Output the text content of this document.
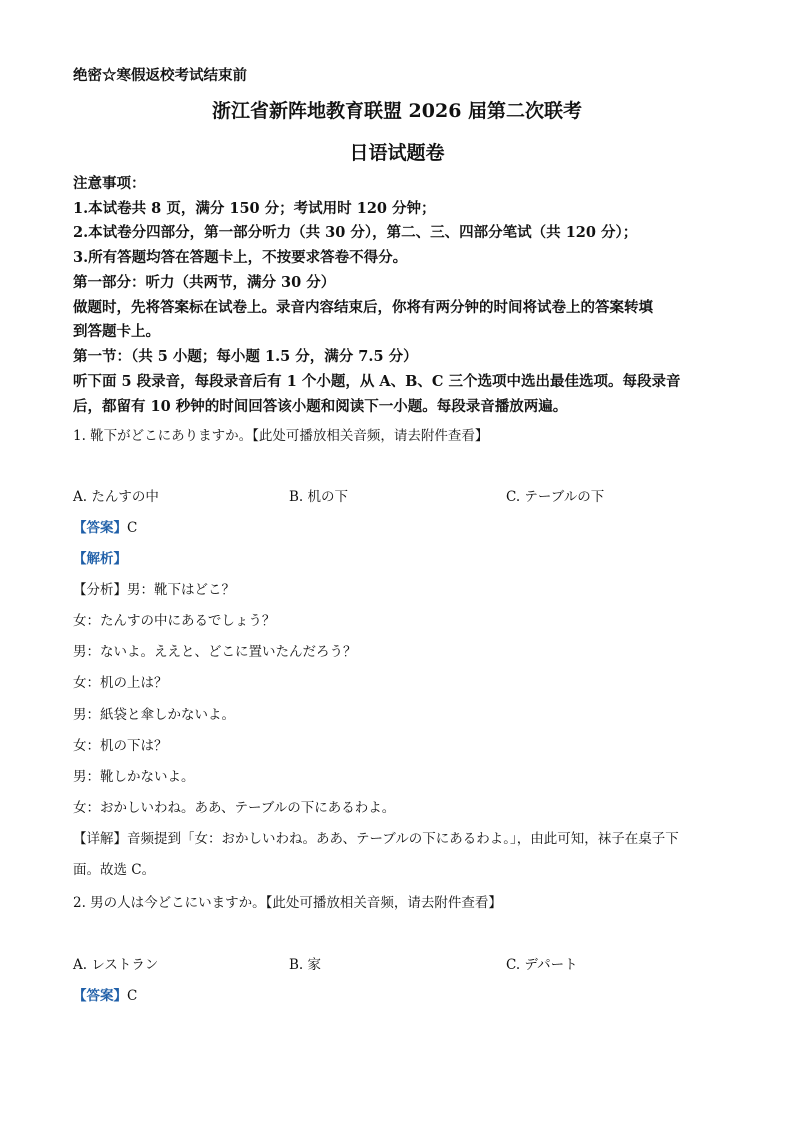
绝密☆寒假返校考试结束前
浙江省新阵地教育联盟 2026 届第二次联考
日语试题卷
注意事项：
1.本试卷共 8 页，满分 150 分；考试用时 120 分钟；
2.本试卷分四部分，第一部分听力（共 30 分），第二、三、四部分笔试（共 120 分）；
3.所有答题均答在答题卡上，不按要求答卷不得分。
第一部分：听力（共两节，满分 30 分）
做题时，先将答案标在试卷上。录音内容结束后，你将有两分钟的时间将试卷上的答案转填
到答题卡上。
第一节：（共 5 小题；每小题 1.5 分，满分 7.5 分）
听下面 5 段录音，每段录音后有 1 个小题，从 A、B、C 三个选项中选出最佳选项。每段录音
后，都留有 10 秒钟的时间回答该小题和阅读下一小题。每段录音播放两遍。
1. 靴下がどこにありますか。【此处可播放相关音频，请去附件查看】
A. たんすの中	B. 机の下	C. テーブルの下
【答案】C
【解析】
【分析】男：靴下はどこ？
女：たんすの中にあるでしょう？
男：ないよ。ええと、どこに置いたんだろう？
女：机の上は？
男：紙袋と傘しかないよ。
女：机の下は？
男：靴しかないよ。
女：おかしいわね。ああ、テーブルの下にあるわよ。
【详解】音频提到「女：おかしいわね。ああ、テーブルの下にあるわよ。」，由此可知，袜子在桌子下
面。故选 C。
2. 男の人は今どこにいますか。【此处可播放相关音频，请去附件查看】
A. レストラン	B. 家	C. デパート
【答案】C
